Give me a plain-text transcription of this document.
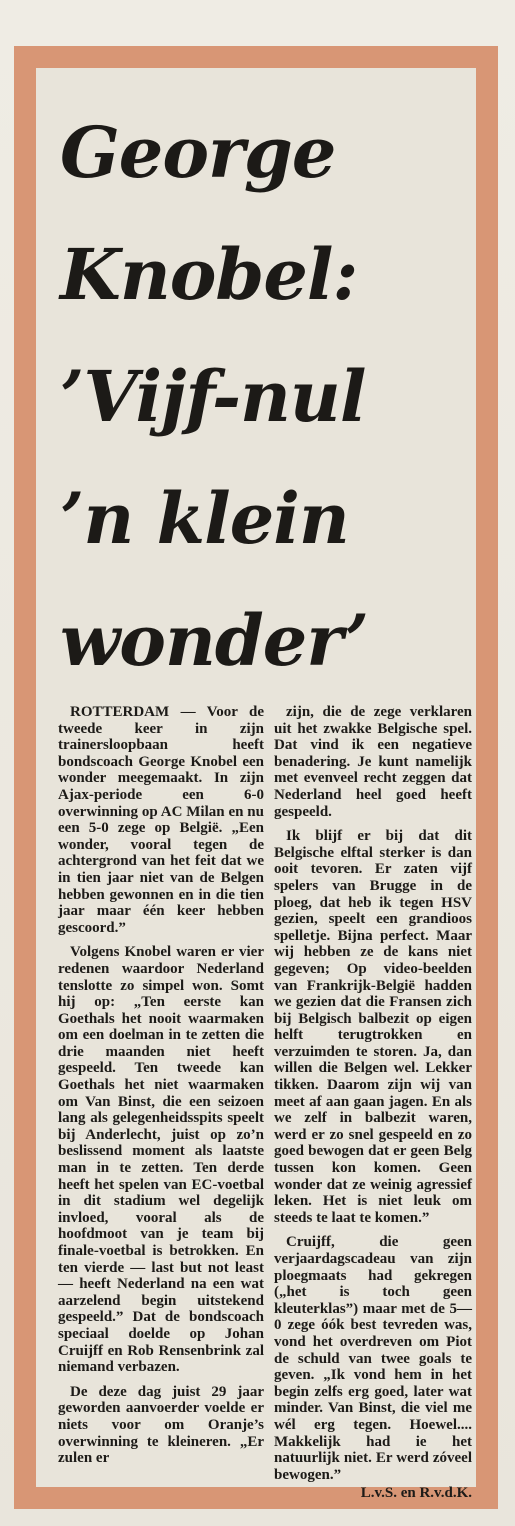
George
Knobel:
’Vijf-nul
’n klein
wonder’

ROTTERDAM — Voor de tweede keer in zijn trainersloopbaan heeft bondscoach George Knobel een wonder meegemaakt. In zijn Ajax-periode een 6-0 overwinning op AC Milan en nu een 5-0 zege op België. „Een wonder, vooral tegen de achtergrond van het feit dat we in tien jaar niet van de Belgen hebben gewonnen en in die tien jaar maar één keer hebben gescoord.”

Volgens Knobel waren er vier redenen waardoor Nederland tenslotte zo simpel won. Somt hij op: „Ten eerste kan Goethals het nooit waarmaken om een doelman in te zetten die drie maanden niet heeft gespeeld. Ten tweede kan Goethals het niet waarmaken om Van Binst, die een seizoen lang als gelegenheidsspits speelt bij Anderlecht, juist op zo’n beslissend moment als laatste man in te zetten. Ten derde heeft het spelen van EC-voetbal in dit stadium wel degelijk invloed, vooral als de hoofdmoot van je team bij finale-voetbal is betrokken. En ten vierde — last but not least — heeft Nederland na een wat aarzelend begin uitstekend gespeeld.” Dat de bondscoach speciaal doelde op Johan Cruijff en Rob Rensenbrink zal niemand verbazen.

De deze dag juist 29 jaar geworden aanvoerder voelde er niets voor om Oranje’s overwinning te kleineren. „Er zulen er

zijn, die de zege verklaren uit het zwakke Belgische spel. Dat vind ik een negatieve benadering. Je kunt namelijk met evenveel recht zeggen dat Nederland heel goed heeft gespeeld.

Ik blijf er bij dat dit Belgische elftal sterker is dan ooit tevoren. Er zaten vijf spelers van Brugge in de ploeg, dat heb ik tegen HSV gezien, speelt een grandioos spelletje. Bijna perfect. Maar wij hebben ze de kans niet gegeven; Op video-beelden van Frankrijk-België hadden we gezien dat die Fransen zich bij Belgisch balbezit op eigen helft terugtrokken en verzuimden te storen. Ja, dan willen die Belgen wel. Lekker tikken. Daarom zijn wij van meet af aan gaan jagen. En als we zelf in balbezit waren, werd er zo snel gespeeld en zo goed bewogen dat er geen Belg tussen kon komen. Geen wonder dat ze weinig agressief leken. Het is niet leuk om steeds te laat te komen.”

Cruijff, die geen verjaardagscadeau van zijn ploegmaats had gekregen („het is toch geen kleuterklas”) maar met de 5—0 zege óók best tevreden was, vond het overdreven om Piot de schuld van twee goals te geven. „Ik vond hem in het begin zelfs erg goed, later wat minder. Van Binst, die viel me wél erg tegen. Hoewel.... Makkelijk had ie het natuurlijk niet. Er werd zóveel bewogen.”

L.v.S. en R.v.d.K.
